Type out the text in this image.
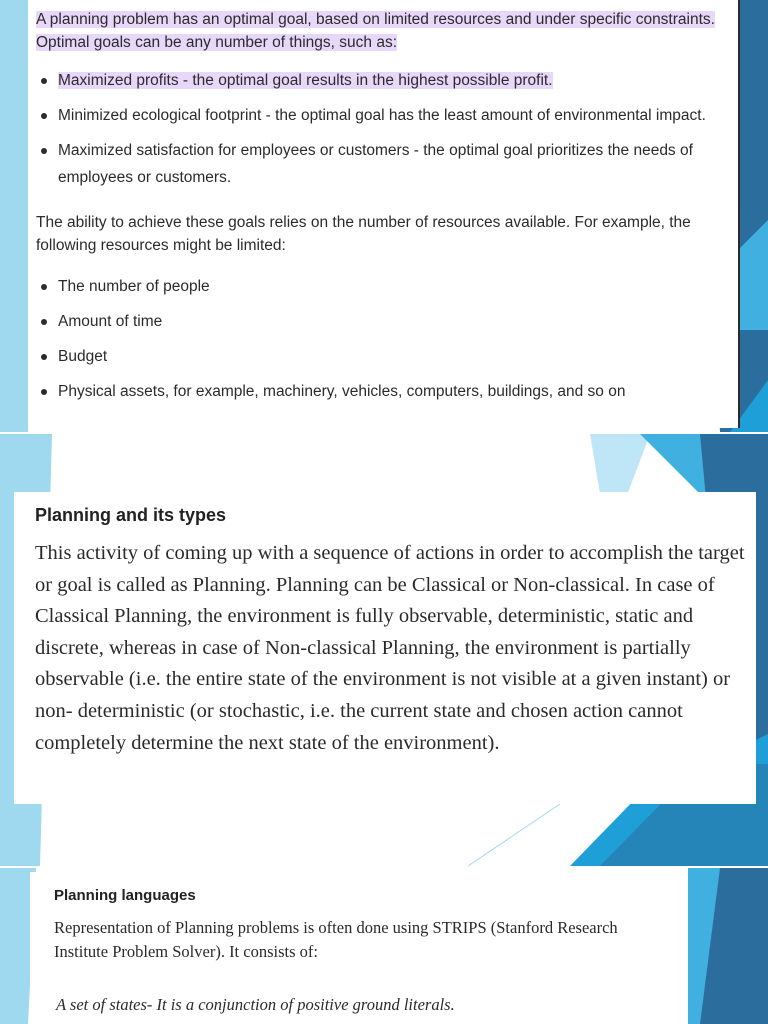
A planning problem has an optimal goal, based on limited resources and under specific constraints.
Optimal goals can be any number of things, such as:

Maximized profits - the optimal goal results in the highest possible profit.
Minimized ecological footprint - the optimal goal has the least amount of environmental impact.
Maximized satisfaction for employees or customers - the optimal goal prioritizes the needs of employees or customers.

The ability to achieve these goals relies on the number of resources available. For example, the following resources might be limited:

The number of people
Amount of time
Budget
Physical assets, for example, machinery, vehicles, computers, buildings, and so on
Planning and its types
This activity of coming up with a sequence of actions in order to accomplish the target or goal is called as Planning. Planning can be Classical or Non-classical. In case of Classical Planning, the environment is fully observable, deterministic, static and discrete, whereas in case of Non-classical Planning, the environment is partially observable (i.e. the entire state of the environment is not visible at a given instant) or non- deterministic (or stochastic, i.e. the current state and chosen action cannot completely determine the next state of the environment).
Planning languages
Representation of Planning problems is often done using STRIPS (Stanford Research Institute Problem Solver). It consists of:
A set of states- It is a conjunction of positive ground literals.
